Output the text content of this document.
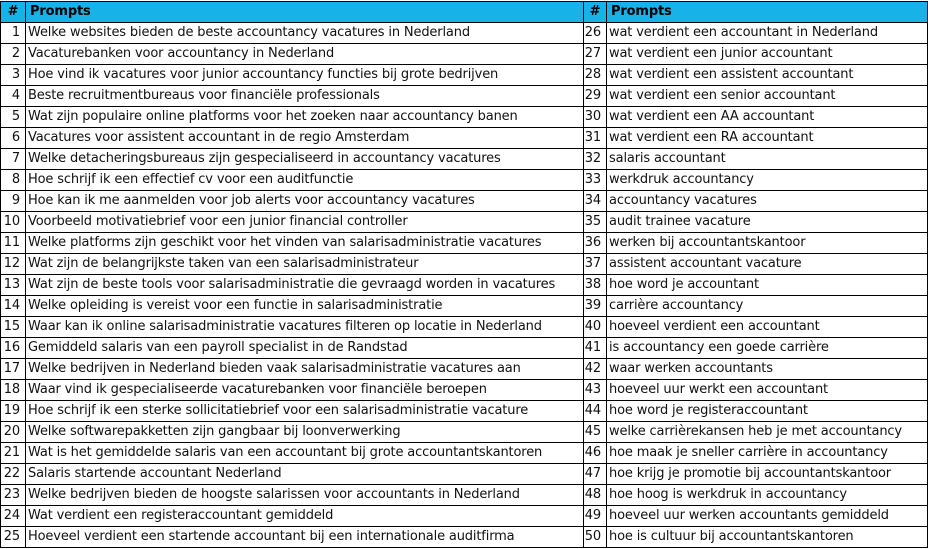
#	Prompts	#	Prompts
1	Welke websites bieden de beste accountancy vacatures in Nederland	26	wat verdient een accountant in Nederland
2	Vacaturebanken voor accountancy in Nederland	27	wat verdient een junior accountant
3	Hoe vind ik vacatures voor junior accountancy functies bij grote bedrijven	28	wat verdient een assistent accountant
4	Beste recruitmentbureaus voor financiële professionals	29	wat verdient een senior accountant
5	Wat zijn populaire online platforms voor het zoeken naar accountancy banen	30	wat verdient een AA accountant
6	Vacatures voor assistent accountant in de regio Amsterdam	31	wat verdient een RA accountant
7	Welke detacheringsbureaus zijn gespecialiseerd in accountancy vacatures	32	salaris accountant
8	Hoe schrijf ik een effectief cv voor een auditfunctie	33	werkdruk accountancy
9	Hoe kan ik me aanmelden voor job alerts voor accountancy vacatures	34	accountancy vacatures
10	Voorbeeld motivatiebrief voor een junior financial controller	35	audit trainee vacature
11	Welke platforms zijn geschikt voor het vinden van salarisadministratie vacatures	36	werken bij accountantskantoor
12	Wat zijn de belangrijkste taken van een salarisadministrateur	37	assistent accountant vacature
13	Wat zijn de beste tools voor salarisadministratie die gevraagd worden in vacatures	38	hoe word je accountant
14	Welke opleiding is vereist voor een functie in salarisadministratie	39	carrière accountancy
15	Waar kan ik online salarisadministratie vacatures filteren op locatie in Nederland	40	hoeveel verdient een accountant
16	Gemiddeld salaris van een payroll specialist in de Randstad	41	is accountancy een goede carrière
17	Welke bedrijven in Nederland bieden vaak salarisadministratie vacatures aan	42	waar werken accountants
18	Waar vind ik gespecialiseerde vacaturebanken voor financiële beroepen	43	hoeveel uur werkt een accountant
19	Hoe schrijf ik een sterke sollicitatiebrief voor een salarisadministratie vacature	44	hoe word je registeraccountant
20	Welke softwarepakketten zijn gangbaar bij loonverwerking	45	welke carrièrekansen heb je met accountancy
21	Wat is het gemiddelde salaris van een accountant bij grote accountantskantoren	46	hoe maak je sneller carrière in accountancy
22	Salaris startende accountant Nederland	47	hoe krijg je promotie bij accountantskantoor
23	Welke bedrijven bieden de hoogste salarissen voor accountants in Nederland	48	hoe hoog is werkdruk in accountancy
24	Wat verdient een registeraccountant gemiddeld	49	hoeveel uur werken accountants gemiddeld
25	Hoeveel verdient een startende accountant bij een internationale auditfirma	50	hoe is cultuur bij accountantskantoren
